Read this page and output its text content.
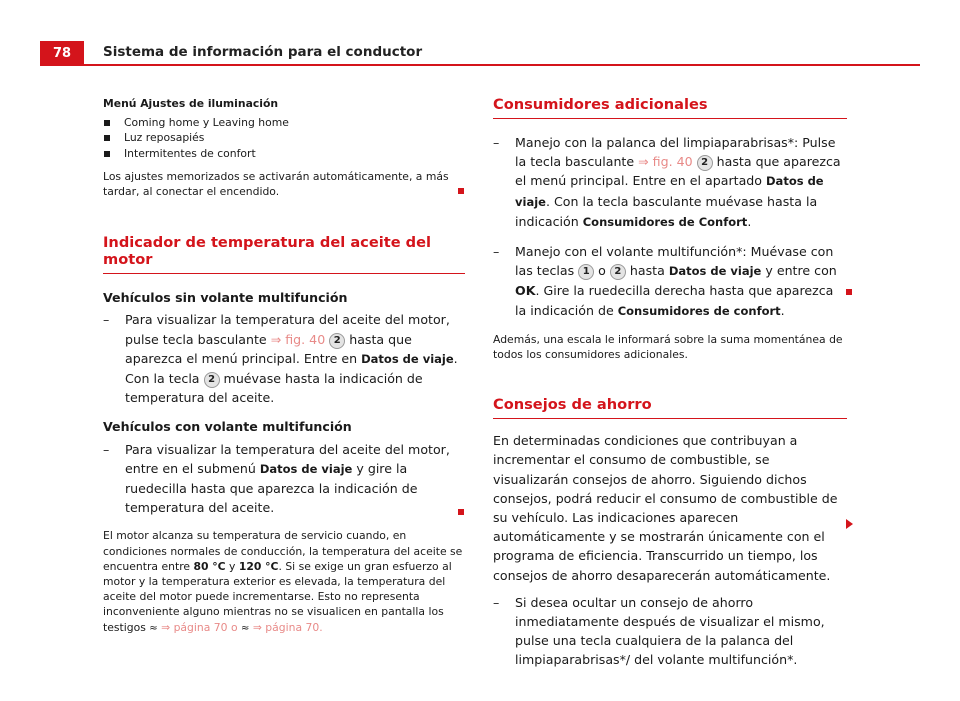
78	Sistema de información para el conductor
Menú Ajustes de iluminación
Coming home y Leaving home
Luz reposapiés
Intermitentes de confort
Los ajustes memorizados se activarán automáticamente, a más tardar, al conectar el encendido.
Indicador de temperatura del aceite del motor
Vehículos sin volante multifunción
– Para visualizar la temperatura del aceite del motor, pulse tecla basculante ⇒ fig. 40 2 hasta que aparezca el menú principal. Entre en Datos de viaje. Con la tecla 2 muévase hasta la indicación de temperatura del aceite.
Vehículos con volante multifunción
– Para visualizar la temperatura del aceite del motor, entre en el submenú Datos de viaje y gire la ruedecilla hasta que aparezca la indicación de temperatura del aceite.
El motor alcanza su temperatura de servicio cuando, en condiciones normales de conducción, la temperatura del aceite se encuentra entre 80 °C y 120 °C. Si se exige un gran esfuerzo al motor y la temperatura exterior es elevada, la temperatura del aceite del motor puede incrementarse. Esto no representa inconveniente alguno mientras no se visualicen en pantalla los testigos ≈ ⇒ página 70 o ≈ ⇒ página 70.
Consumidores adicionales
– Manejo con la palanca del limpiaparabrisas*: Pulse la tecla basculante ⇒ fig. 40 2 hasta que aparezca el menú principal. Entre en el apartado Datos de viaje. Con la tecla basculante muévase hasta la indicación Consumidores de Confort.
– Manejo con el volante multifunción*: Muévase con las teclas 1 o 2 hasta Datos de viaje y entre con OK. Gire la ruedecilla derecha hasta que aparezca la indicación de Consumidores de confort.
Además, una escala le informará sobre la suma momentánea de todos los consumidores adicionales.
Consejos de ahorro
En determinadas condiciones que contribuyan a incrementar el consumo de combustible, se visualizarán consejos de ahorro. Siguiendo dichos consejos, podrá reducir el consumo de combustible de su vehículo. Las indicaciones aparecen automáticamente y se mostrarán únicamente con el programa de eficiencia. Transcurrido un tiempo, los consejos de ahorro desaparecerán automáticamente.
– Si desea ocultar un consejo de ahorro inmediatamente después de visualizar el mismo, pulse una tecla cualquiera de la palanca del limpiaparabrisas*/ del volante multifunción*.
